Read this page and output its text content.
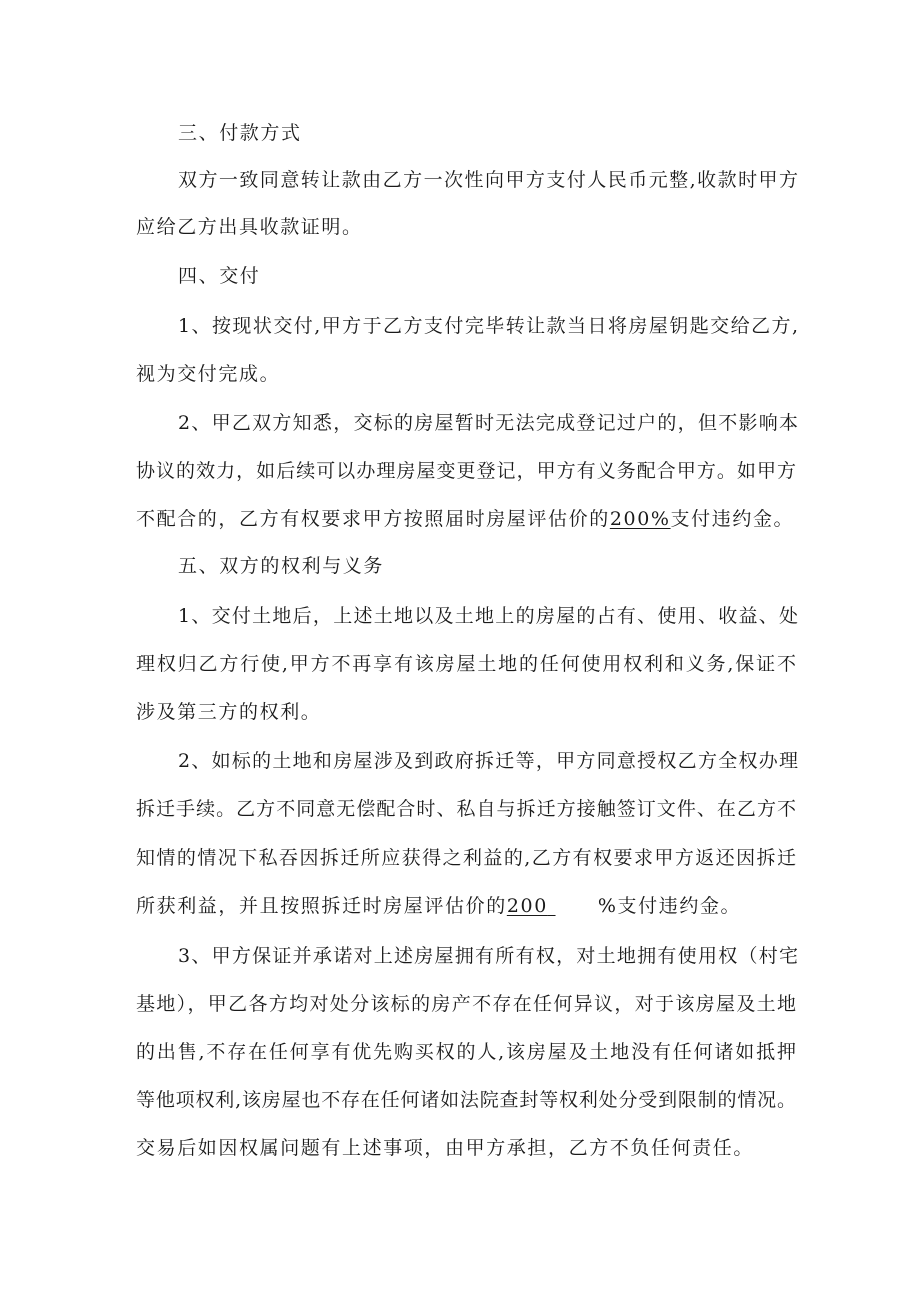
三、付款方式
双方一致同意转让款由乙方一次性向甲方支付人民币元整,收款时甲方
应给乙方出具收款证明。
四、交付
1、按现状交付,甲方于乙方支付完毕转让款当日将房屋钥匙交给乙方,
视为交付完成。
2、甲乙双方知悉，交标的房屋暂时无法完成登记过户的，但不影响本
协议的效力，如后续可以办理房屋变更登记，甲方有义务配合甲方。如甲方
不配合的，乙方有权要求甲方按照届时房屋评估价的200%支付违约金。
五、双方的权利与义务
1、交付土地后，上述土地以及土地上的房屋的占有、使用、收益、处
理权归乙方行使,甲方不再享有该房屋土地的任何使用权利和义务,保证不
涉及第三方的权利。
2、如标的土地和房屋涉及到政府拆迁等，甲方同意授权乙方全权办理
拆迁手续。乙方不同意无偿配合时、私自与拆迁方接触签订文件、在乙方不
知情的情况下私吞因拆迁所应获得之利益的,乙方有权要求甲方返还因拆迁
所获利益，并且按照拆迁时房屋评估价的200	%支付违约金。
3、甲方保证并承诺对上述房屋拥有所有权，对土地拥有使用权（村宅
基地），甲乙各方均对处分该标的房产不存在任何异议，对于该房屋及土地
的出售,不存在任何享有优先购买权的人,该房屋及土地没有任何诸如抵押
等他项权利,该房屋也不存在任何诸如法院查封等权利处分受到限制的情况。
交易后如因权属问题有上述事项，由甲方承担，乙方不负任何责任。
